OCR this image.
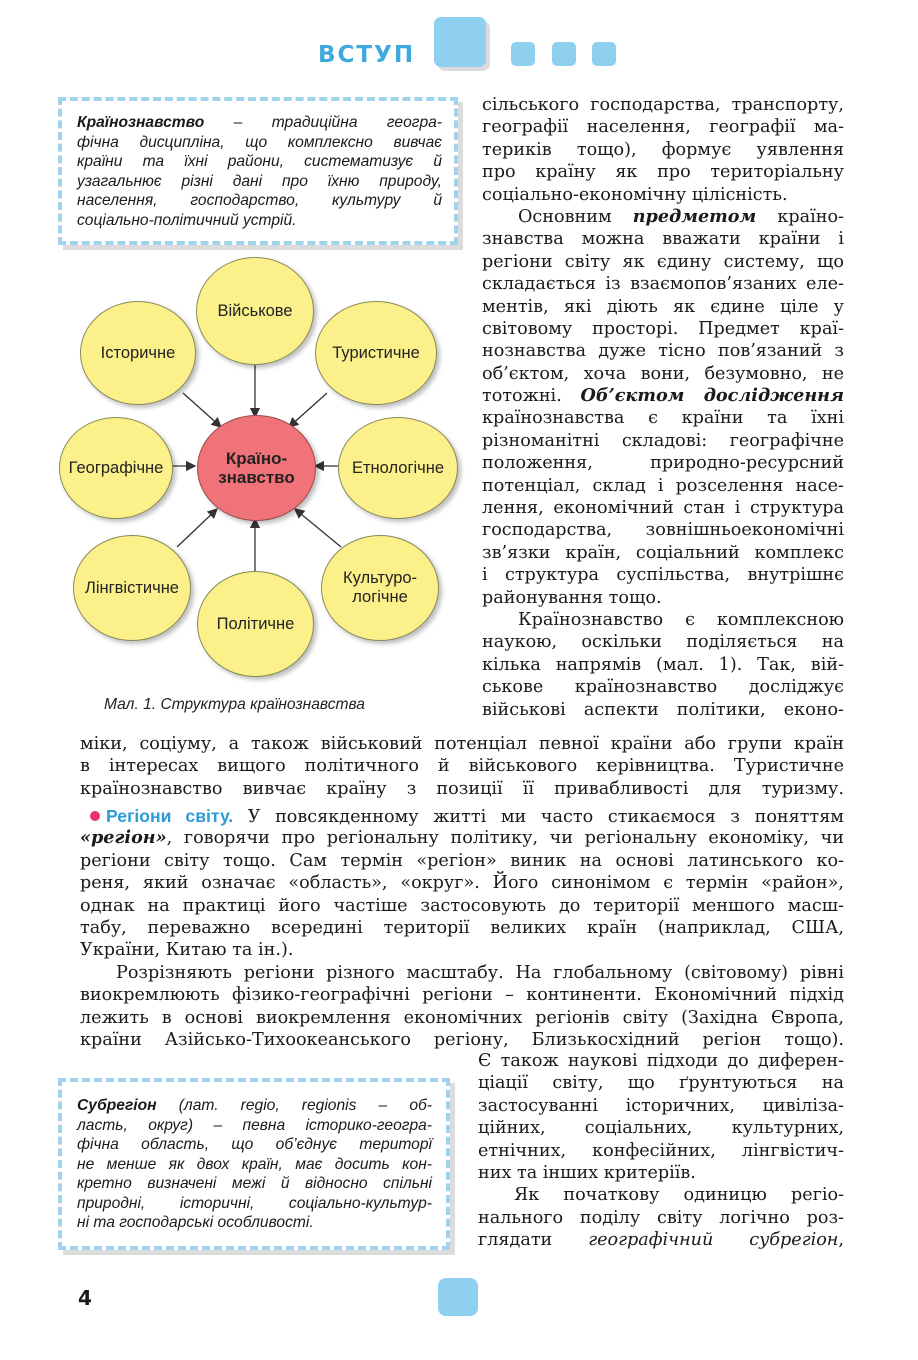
ВСТУП
Країнознавство – традиційна геогра-
фічна дисципліна, що комплексно вивчає
країни та їхні райони, систематизує й
узагальнює різні дані про їхню природу,
населення, господарство, культуру й
соціально-політичний устрій.
Військове
Історичне	Туристичне
Географічне	Етнологічне
Країно-
знавство
Лінгвістичне
Політичне
Культуро-
логічне
Мал. 1. Структура країнознавства
сільського господарства, транспорту,
географії населення, географії ма-
териків тощо), формує уявлення
про країну як про територіальну
соціально-економічну цілісність.
Основним предметом країно-
знавства можна вважати країни і
регіони світу як єдину систему, що
складається із взаємопов’язаних еле-
ментів, які діють як єдине ціле у
світовому просторі. Предмет краї-
нознавства дуже тісно пов’язаний з
об’єктом, хоча вони, безумовно, не
тотожні. Об’єктом дослідження
країнознавства є країни та їхні
різноманітні складові: географічне
положення, природно-ресурсний
потенціал, склад і розселення насе-
лення, економічний стан і структура
господарства, зовнішньоекономічні
зв’язки країн, соціальний комплекс
і структура суспільства, внутрішнє
районування тощо.
Країнознавство є комплексною
наукою, оскільки поділяється на
кілька напрямів (мал. 1). Так, вій-
ськове країнознавство досліджує
військові аспекти політики, еконо-
міки, соціуму, а також військовий потенціал певної країни або групи країн
в інтересах вищого політичного й військового керівництва. Туристичне
країнознавство вивчає країну з позиції її привабливості для туризму.
Регіони світу. У повсякденному житті ми часто стикаємося з поняттям
«регіон», говорячи про регіональну політику, чи регіональну економіку, чи
регіони світу тощо. Сам термін «регіон» виник на основі латинського ко-
реня, який означає «область», «округ». Його синонімом є термін «район»,
однак на практиці його частіше застосовують до території меншого масш-
табу, переважно всередині території великих країн (наприклад, США,
України, Китаю та ін.).
Розрізняють регіони різного масштабу. На глобальному (світовому) рівні
виокремлюють фізико-географічні регіони – континенти. Економічний підхід
лежить в основі виокремлення економічних регіонів світу (Західна Європа,
країни Азійсько-Тихоокеанського регіону, Близькосхідний регіон тощо).
Є також наукові підходи до диферен-
ціації світу, що ґрунтуються на
застосуванні історичних, цивіліза-
ційних, соціальних, культурних,
етнічних, конфесійних, лінгвістич-
них та інших критеріїв.
Як початкову одиницю регіо-
нального поділу світу логічно роз-
глядати географічний субрегіон,
Субрегіон (лат. regio, regionis – об-
ласть, округ) – певна історико-геогра-
фічна область, що об’єднує територї
не менше як двох країн, має досить кон-
кретно визначені межі й відносно спільні
природні, історичні, соціально-культур-
ні та господарські особливості.
4
